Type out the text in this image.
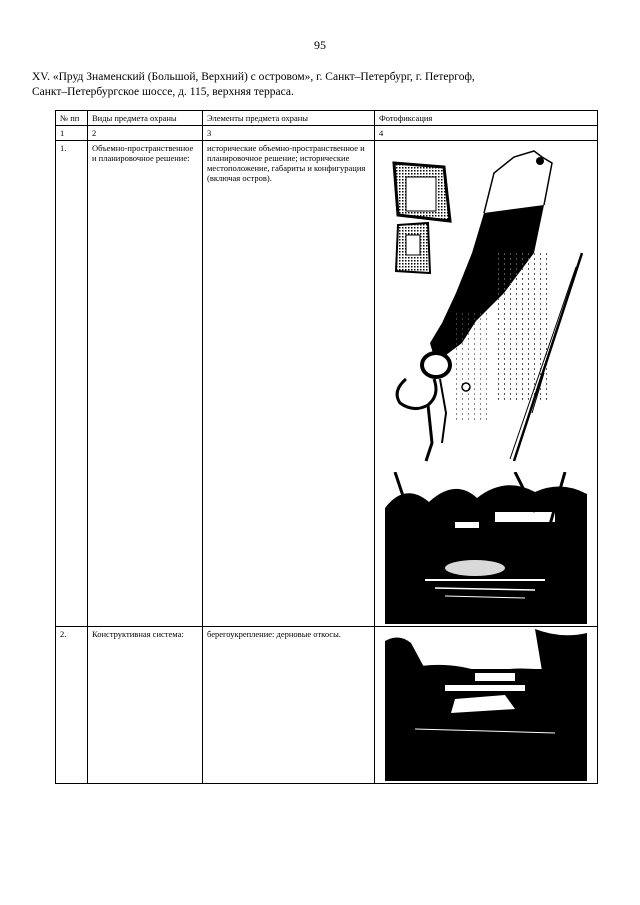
95
XV. «Пруд Знаменский (Большой, Верхний) с островом», г. Санкт–Петербург, г. Петергоф,
Санкт–Петербургское шоссе, д. 115, верхняя терраса.
№ пп	Виды предмета охраны	Элементы предмета охраны	Фотофиксация
1	2	3	4
1.	Объемно-пространственное и планировочное решение:	исторические объемно-пространственное и планировочное решение; исторические местоположение, габариты и конфигурация (включая остров).	

2.	Конструктивная система:	берегоукрепление: дерновые откосы.	
